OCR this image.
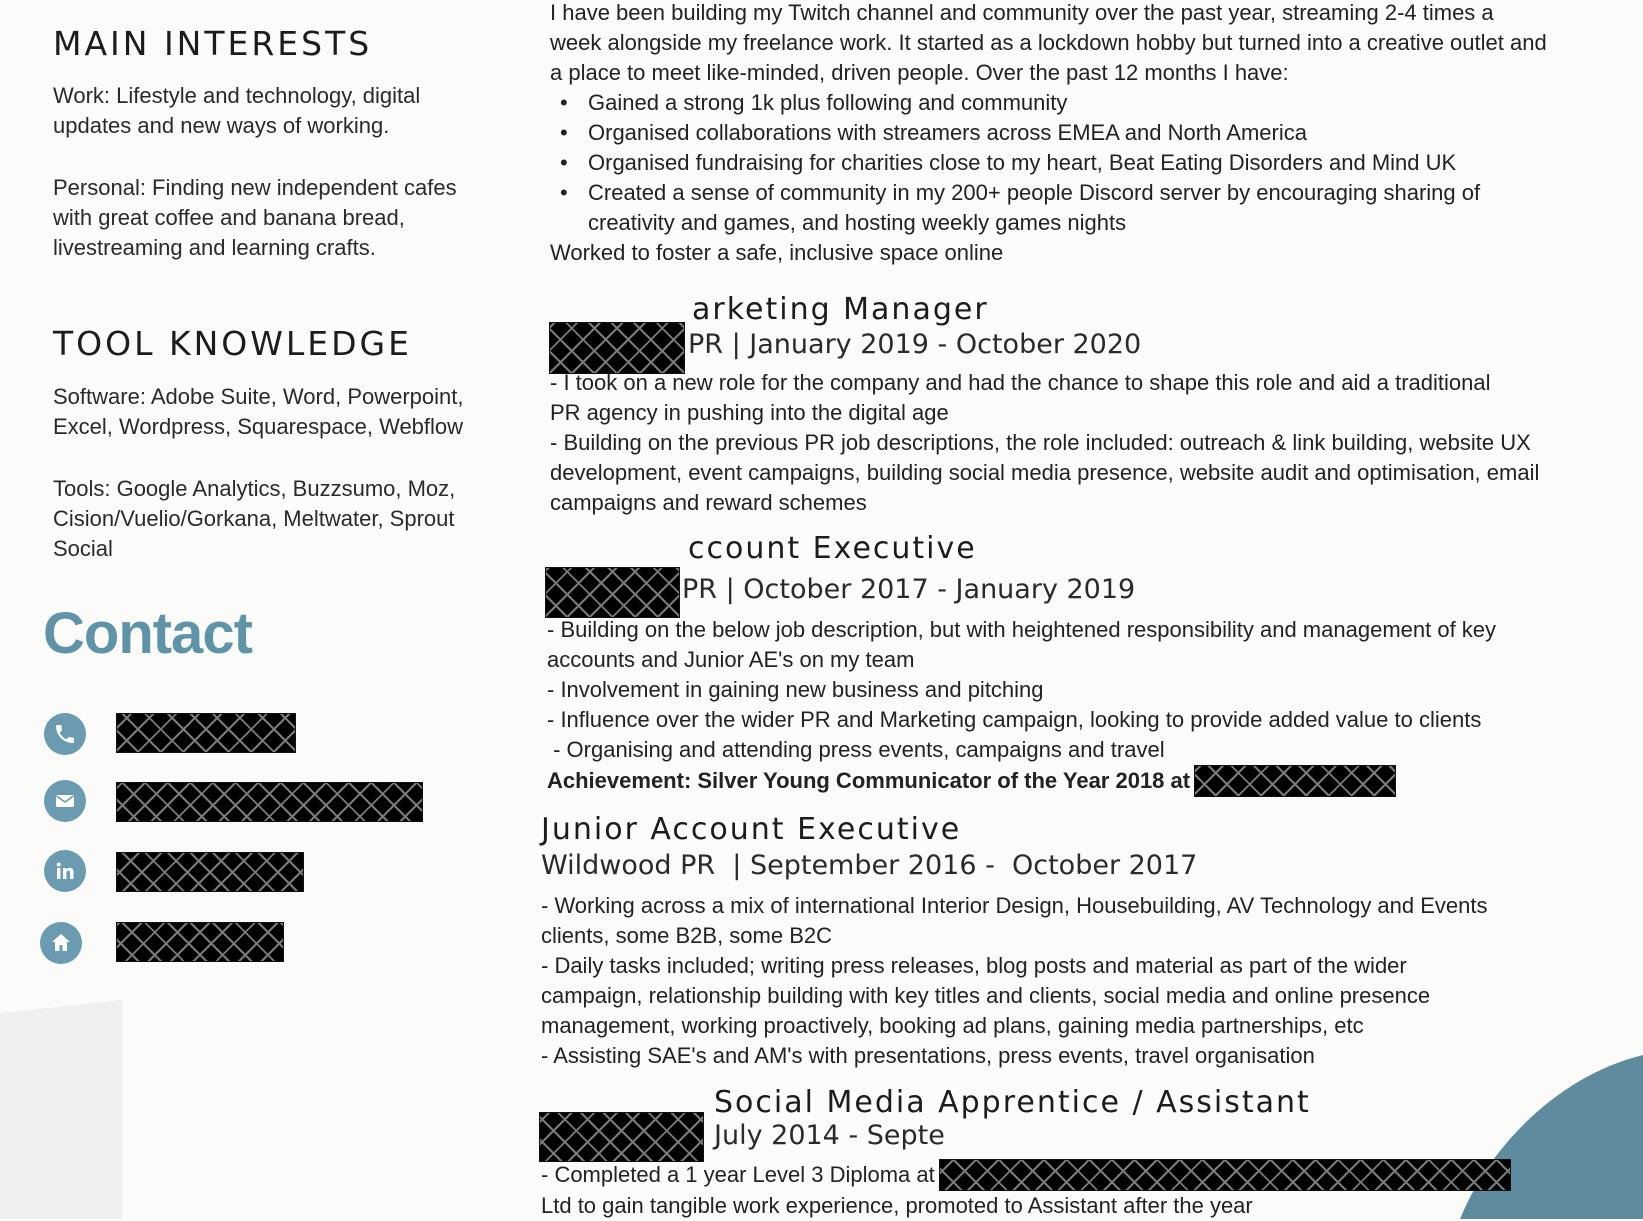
MAIN INTERESTS

Work: Lifestyle and technology, digital updates and new ways of working.

Personal: Finding new independent cafes with great coffee and banana bread, livestreaming and learning crafts.

TOOL KNOWLEDGE

Software: Adobe Suite, Word, Powerpoint, Excel, Wordpress, Squarespace, Webflow

Tools: Google Analytics, Buzzsumo, Moz, Cision/Vuelio/Gorkana, Meltwater, Sprout Social

Contact

I have been building my Twitch channel and community over the past year, streaming 2-4 times a week alongside my freelance work. It started as a lockdown hobby but turned into a creative outlet and a place to meet like-minded, driven people. Over the past 12 months I have:

• Gained a strong 1k plus following and community
• Organised collaborations with streamers across EMEA and North America
• Organised fundraising for charities close to my heart, Beat Eating Disorders and Mind UK
• Created a sense of community in my 200+ people Discord server by encouraging sharing of creativity and games, and hosting weekly games nights

Worked to foster a safe, inclusive space online

arketing Manager
PR | January 2019 - October 2020

- I took on a new role for the company and had the chance to shape this role and aid a traditional PR agency in pushing into the digital age

- Building on the previous PR job descriptions, the role included: outreach & link building, website UX development, event campaigns, building social media presence, website audit and optimisation, email campaigns and reward schemes

ccount Executive
PR | October 2017 - January 2019

- Building on the below job description, but with heightened responsibility and management of key accounts and Junior AE's on my team

- Involvement in gaining new business and pitching

- Influence over the wider PR and Marketing campaign, looking to provide added value to clients

- Organising and attending press events, campaigns and travel

Achievement: Silver Young Communicator of the Year 2018 at

Junior Account Executive
Wildwood PR  | September 2016 -  October 2017

- Working across a mix of international Interior Design, Housebuilding, AV Technology and Events clients, some B2B, some B2C

- Daily tasks included; writing press releases, blog posts and material as part of the wider campaign, relationship building with key titles and clients, social media and online presence management, working proactively, booking ad plans, gaining media partnerships, etc

- Assisting SAE's and AM's with presentations, press events, travel organisation

Social Media Apprentice / Assistant
July 2014 - Septe

- Completed a 1 year Level 3 Diploma at

Ltd to gain tangible work experience, promoted to Assistant after the year
